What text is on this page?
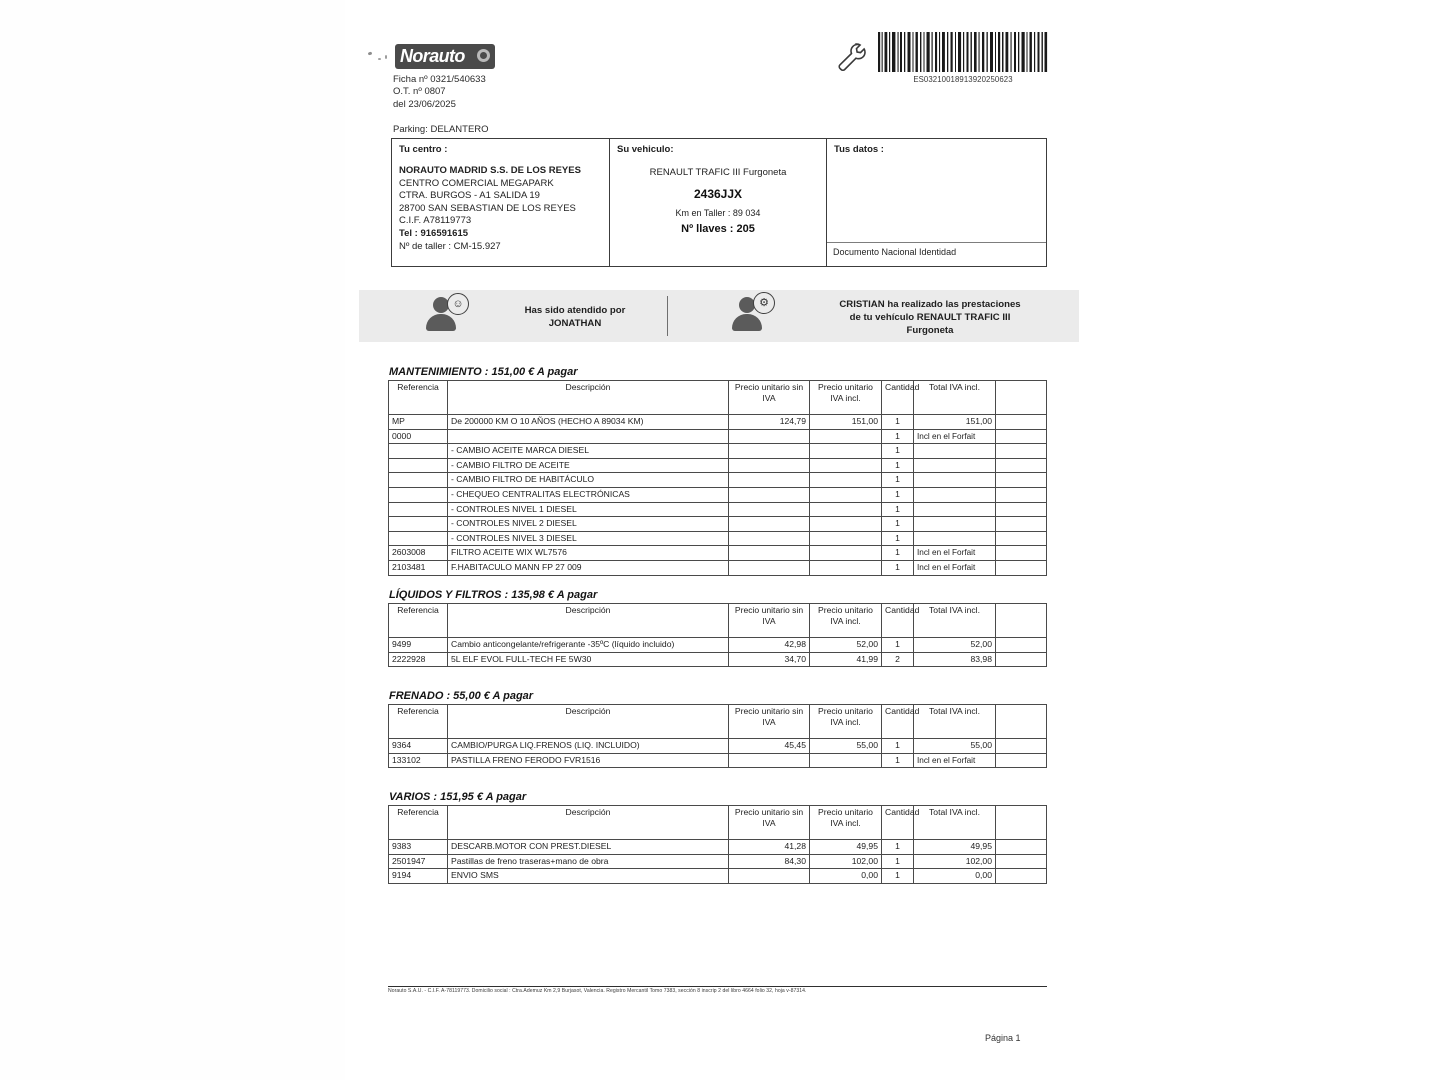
Norauto
Ficha nº 0321/540633
O.T. nº 0807
del 23/06/2025
Parking: DELANTERO
ES03210018913920250623
Tu centro :
NORAUTO MADRID S.S. DE LOS REYES
CENTRO COMERCIAL MEGAPARK
CTRA. BURGOS - A1 SALIDA 19
28700 SAN SEBASTIAN DE LOS REYES
C.I.F. A78119773
Tel : 916591615
Nº de taller : CM-15.927
Su vehiculo:
RENAULT TRAFIC III Furgoneta
2436JJX
Km en Taller : 89 034
Nº llaves : 205
Tus datos :
Documento Nacional Identidad
☺
Has sido atendido por
JONATHAN
⚙	CRISTIAN ha realizado las prestaciones
de tu vehículo RENAULT TRAFIC III
Furgoneta
MANTENIMIENTO : 151,00 € A pagar
Referencia	Descripción	Precio unitario sin IVA	Precio unitario IVA incl.	Cantidad	Total IVA incl.	
MP	De 200000 KM O 10 AÑOS (HECHO A 89034 KM)	124,79	151,00	1	151,00	
0000				1	Incl en el Forfait	
	- CAMBIO ACEITE MARCA DIESEL			1		
	- CAMBIO FILTRO DE ACEITE			1		
	- CAMBIO FILTRO DE HABITÁCULO			1		
	- CHEQUEO CENTRALITAS ELECTRÓNICAS			1		
	- CONTROLES NIVEL 1 DIESEL			1		
	- CONTROLES NIVEL 2 DIESEL			1		
	- CONTROLES NIVEL 3 DIESEL			1		
2603008	FILTRO ACEITE WIX WL7576			1	Incl en el Forfait	
2103481	F.HABITACULO MANN FP 27 009			1	Incl en el Forfait	
LÍQUIDOS Y FILTROS : 135,98 € A pagar
Referencia	Descripción	Precio unitario sin IVA	Precio unitario IVA incl.	Cantidad	Total IVA incl.	
9499	Cambio anticongelante/refrigerante -35ºC (líquido incluido)	42,98	52,00	1	52,00	
2222928	5L ELF EVOL FULL-TECH FE 5W30	34,70	41,99	2	83,98	
FRENADO : 55,00 € A pagar
Referencia	Descripción	Precio unitario sin IVA	Precio unitario IVA incl.	Cantidad	Total IVA incl.	
9364	CAMBIO/PURGA LIQ.FRENOS (LIQ. INCLUIDO)	45,45	55,00	1	55,00	
133102	PASTILLA FRENO FERODO FVR1516			1	Incl en el Forfait	
VARIOS : 151,95 € A pagar
Referencia	Descripción	Precio unitario sin IVA	Precio unitario IVA incl.	Cantidad	Total IVA incl.	
9383	DESCARB.MOTOR CON PREST.DIESEL	41,28	49,95	1	49,95	
2501947	Pastillas de freno traseras+mano de obra	84,30	102,00	1	102,00	
9194	ENVIO SMS		0,00	1	0,00	
Norauto S.A.U. - C.I.F. A-78119773. Domicilio social : Ctra.Ademuz Km 2,9 Burjasot, Valencia. Registro Mercantil Tomo 7383, sección 8 inscrip 2 del libro 4664 folio 32, hoja v-87314.
Página 1
